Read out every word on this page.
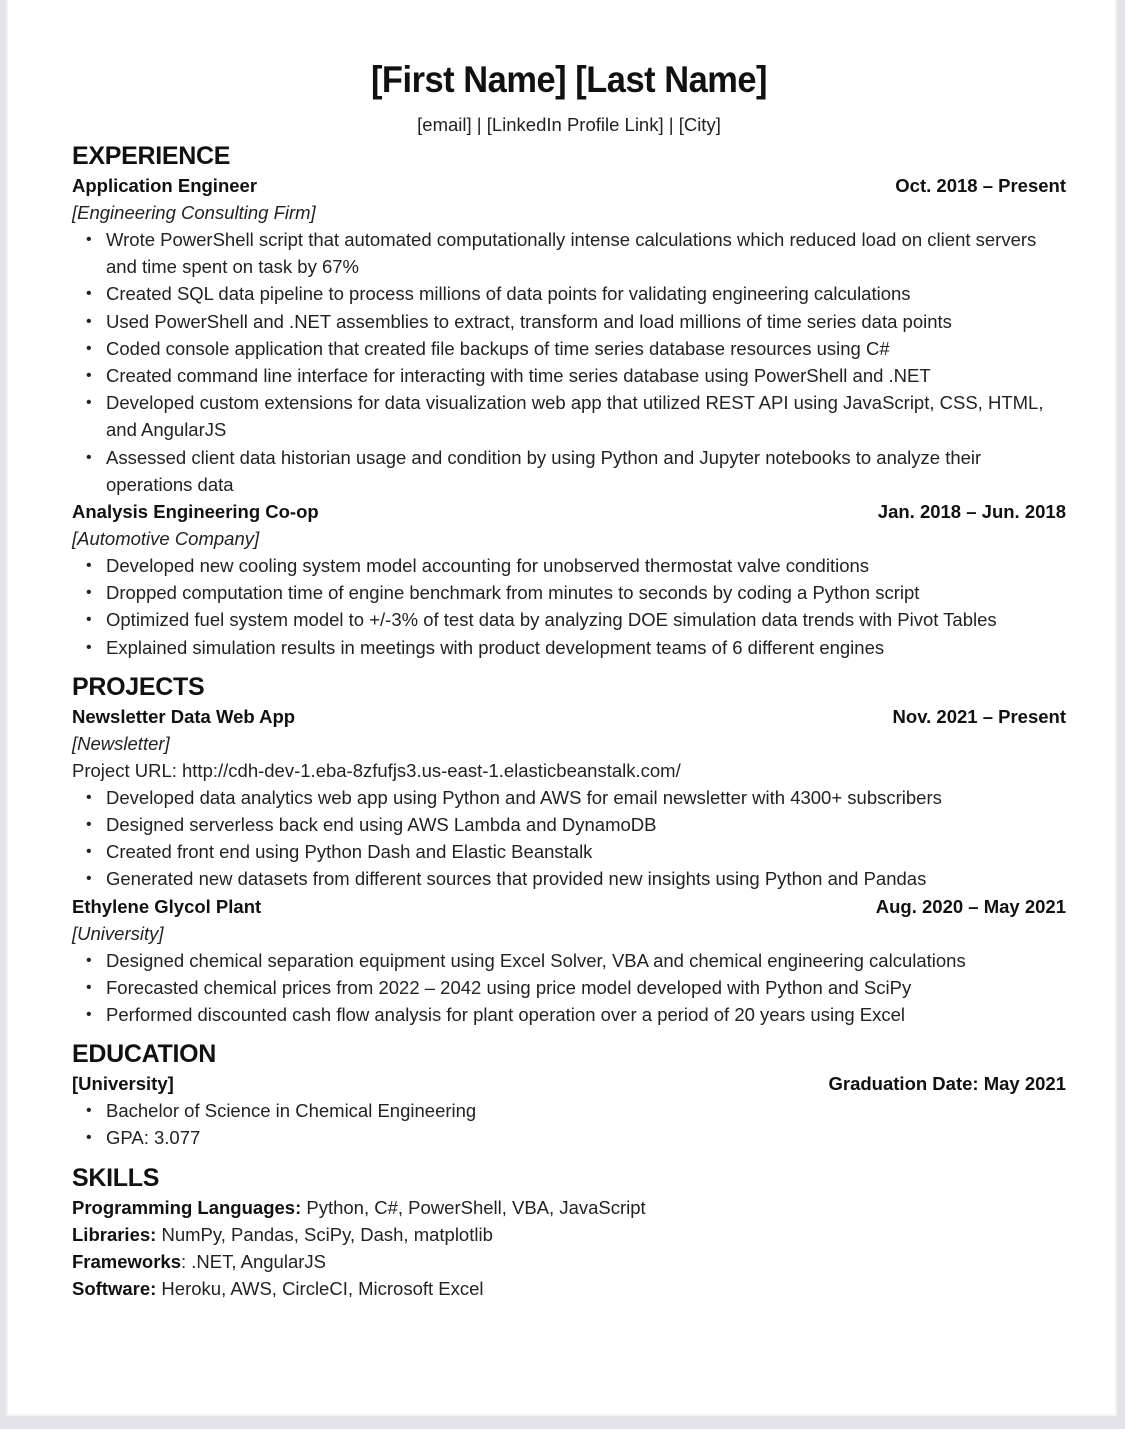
[First Name] [Last Name]
[email] | [LinkedIn Profile Link] | [City]
EXPERIENCE
Application Engineer	Oct. 2018 – Present
[Engineering Consulting Firm]
• Wrote PowerShell script that automated computationally intense calculations which reduced load on client servers and time spent on task by 67%
• Created SQL data pipeline to process millions of data points for validating engineering calculations
• Used PowerShell and .NET assemblies to extract, transform and load millions of time series data points
• Coded console application that created file backups of time series database resources using C#
• Created command line interface for interacting with time series database using PowerShell and .NET
• Developed custom extensions for data visualization web app that utilized REST API using JavaScript, CSS, HTML, and AngularJS
• Assessed client data historian usage and condition by using Python and Jupyter notebooks to analyze their operations data
Analysis Engineering Co-op	Jan. 2018 – Jun. 2018
[Automotive Company]
• Developed new cooling system model accounting for unobserved thermostat valve conditions
• Dropped computation time of engine benchmark from minutes to seconds by coding a Python script
• Optimized fuel system model to +/-3% of test data by analyzing DOE simulation data trends with Pivot Tables
• Explained simulation results in meetings with product development teams of 6 different engines
PROJECTS
Newsletter Data Web App	Nov. 2021 – Present
[Newsletter]
Project URL: http://cdh-dev-1.eba-8zfufjs3.us-east-1.elasticbeanstalk.com/
• Developed data analytics web app using Python and AWS for email newsletter with 4300+ subscribers
• Designed serverless back end using AWS Lambda and DynamoDB
• Created front end using Python Dash and Elastic Beanstalk
• Generated new datasets from different sources that provided new insights using Python and Pandas
Ethylene Glycol Plant	Aug. 2020 – May 2021
[University]
• Designed chemical separation equipment using Excel Solver, VBA and chemical engineering calculations
• Forecasted chemical prices from 2022 – 2042 using price model developed with Python and SciPy
• Performed discounted cash flow analysis for plant operation over a period of 20 years using Excel
EDUCATION
[University]	Graduation Date: May 2021
• Bachelor of Science in Chemical Engineering
• GPA: 3.077
SKILLS
Programming Languages: Python, C#, PowerShell, VBA, JavaScript
Libraries: NumPy, Pandas, SciPy, Dash, matplotlib
Frameworks: .NET, AngularJS
Software: Heroku, AWS, CircleCI, Microsoft Excel
